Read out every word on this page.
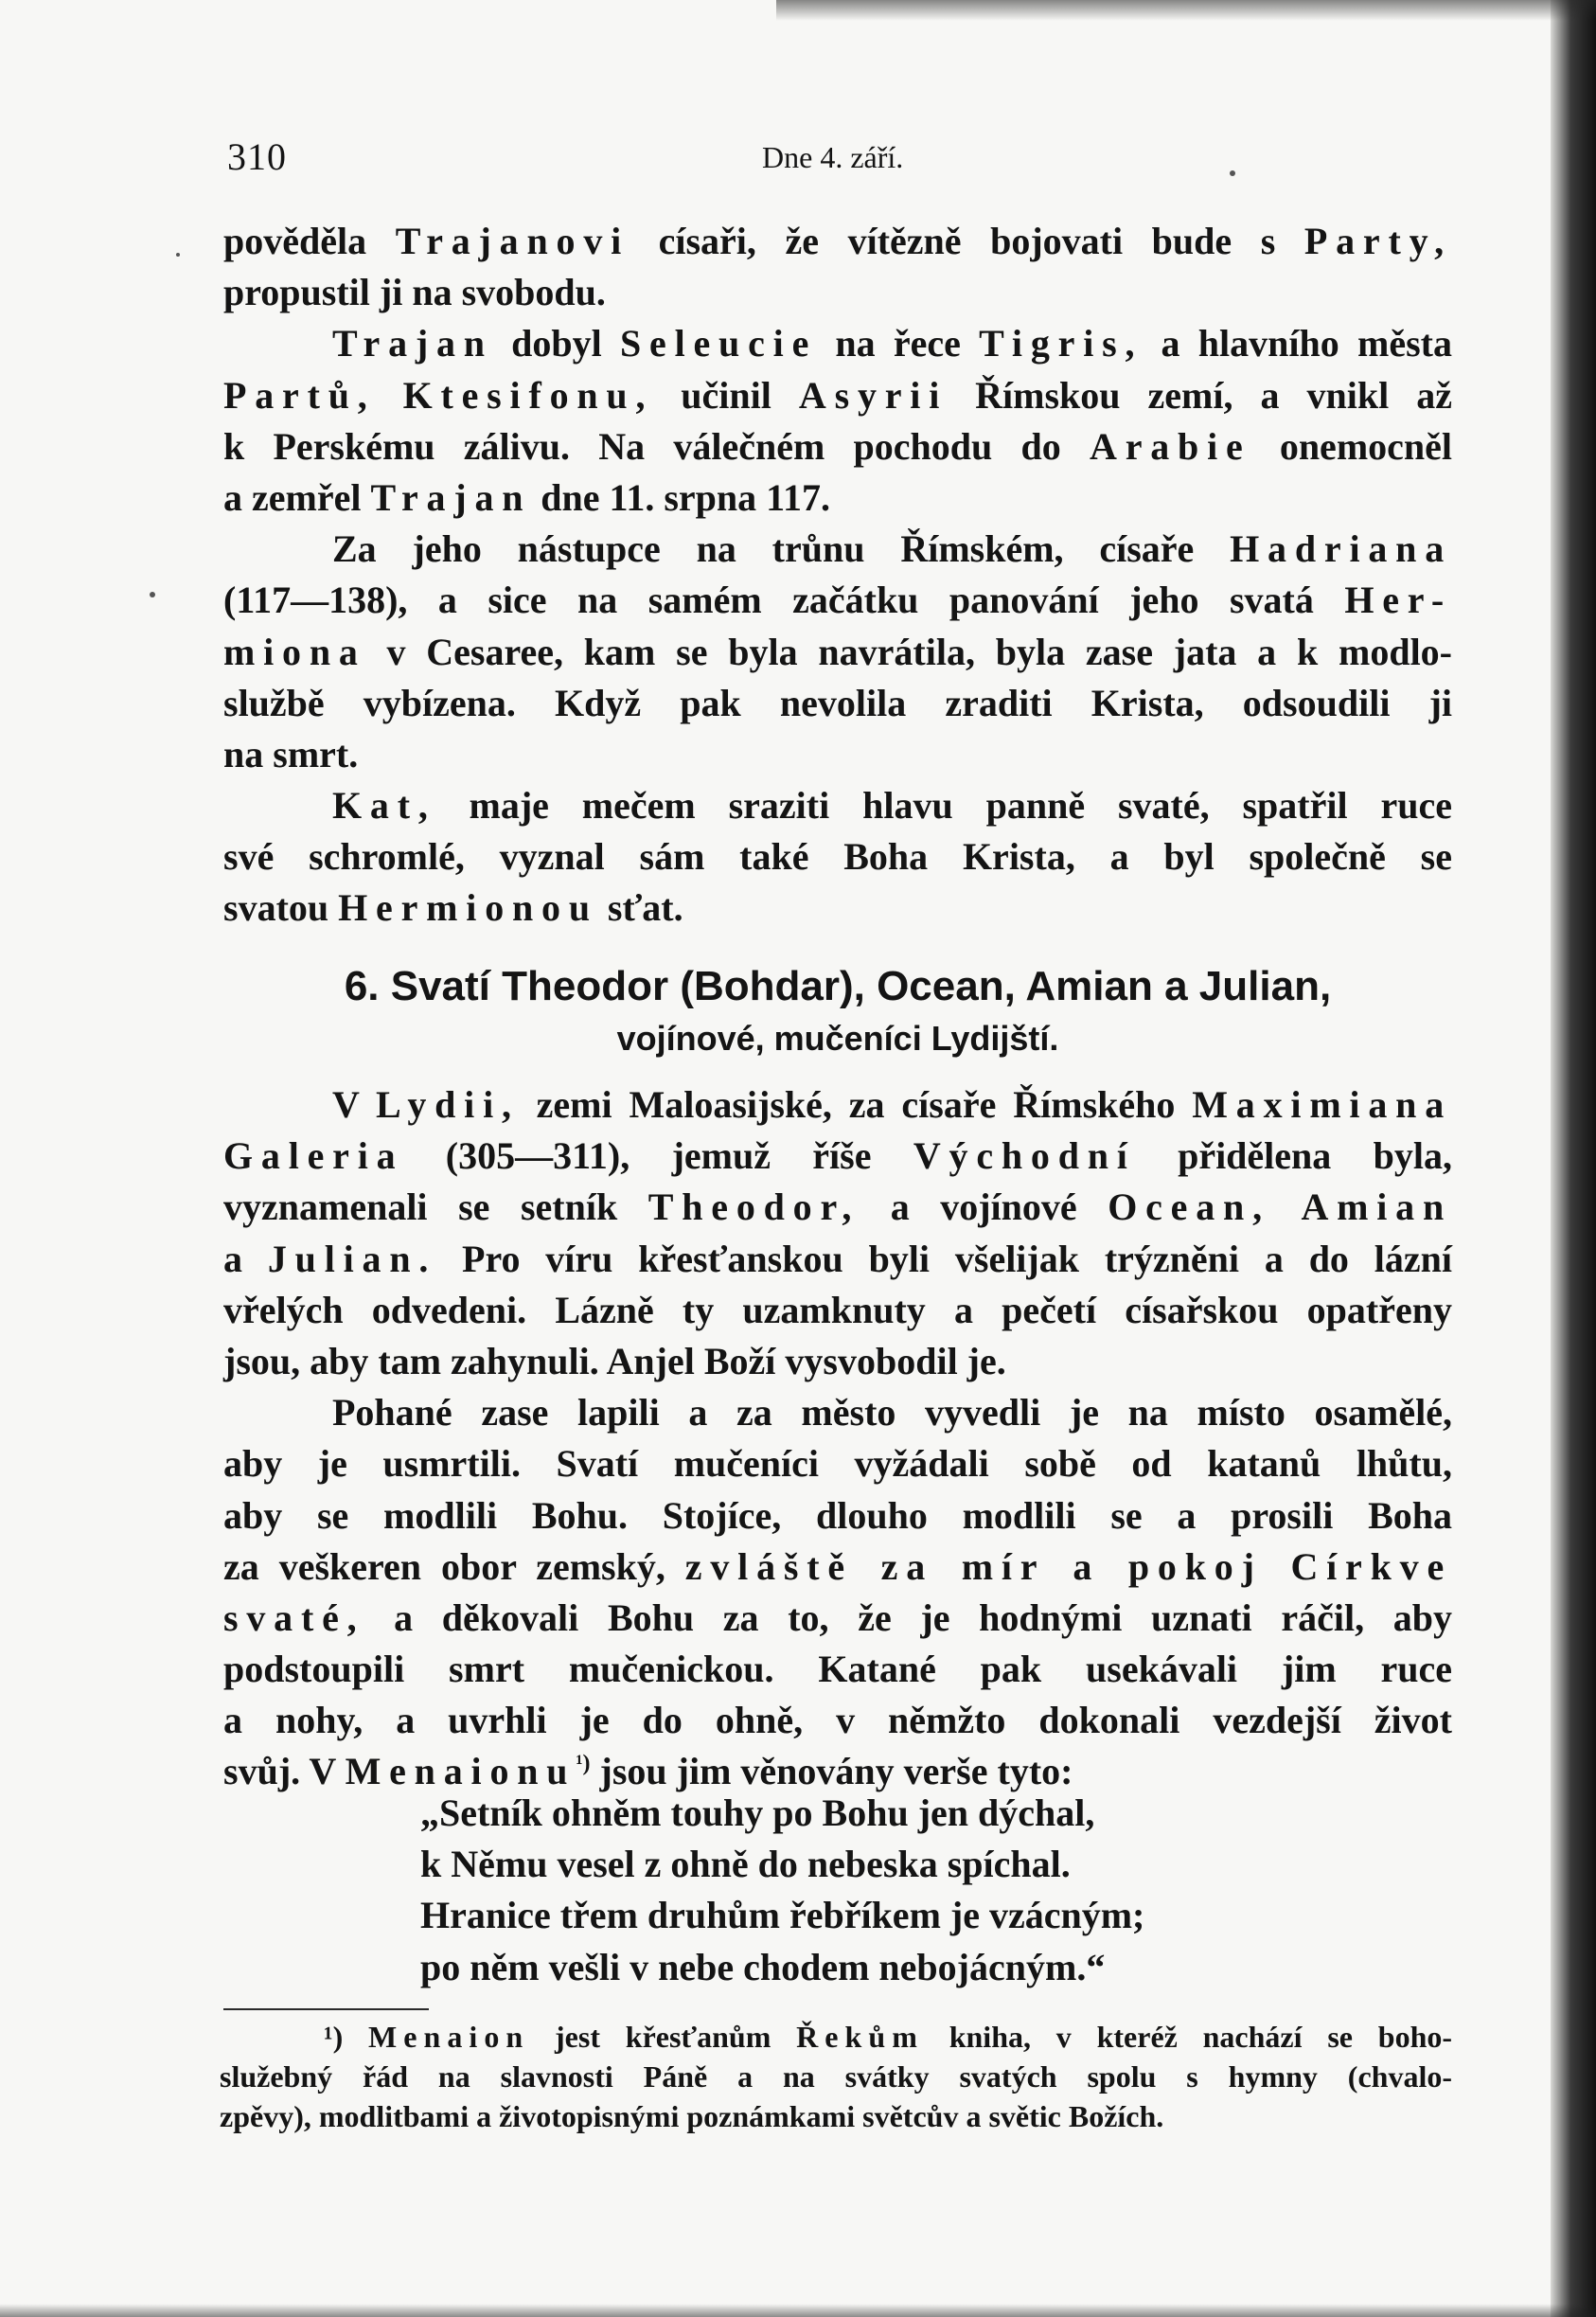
310	Dne 4. září.
pověděla Trajanovi císaři, že vítězně bojovati bude s Party,
propustil ji na svobodu.
Trajan dobyl Seleucie na řece Tigris, a hlavního města
Partů, Ktesifonu, učinil Asyrii Římskou zemí, a vnikl až
k Perskému zálivu. Na válečném pochodu do Arabie onemocněl
a zemřel Trajan dne 11. srpna 117.
Za jeho nástupce na trůnu Římském, císaře Hadriana
(117—138), a sice na samém začátku panování jeho svatá Her-
miona v Cesaree, kam se byla navrátila, byla zase jata a k modlo-
službě vybízena. Když pak nevolila zraditi Krista, odsoudili ji
na smrt.
Kat, maje mečem sraziti hlavu panně svaté, spatřil ruce
své schromlé, vyznal sám také Boha Krista, a byl společně se
svatou Hermionou sťat.
6. Svatí Theodor (Bohdar), Ocean, Amian a Julian,
vojínové, mučeníci Lydijští.
V Lydii, zemi Maloasijské, za císaře Římského Maximiana
Galeria (305—311), jemuž říše Východní přidělena byla,
vyznamenali se setník Theodor, a vojínové Ocean, Amian
a Julian. Pro víru křesťanskou byli všelijak trýzněni a do lázní
vřelých odvedeni. Lázně ty uzamknuty a pečetí císařskou opatřeny
jsou, aby tam zahynuli. Anjel Boží vysvobodil je.
Pohané zase lapili a za město vyvedli je na místo osamělé,
aby je usmrtili. Svatí mučeníci vyžádali sobě od katanů lhůtu,
aby se modlili Bohu. Stojíce, dlouho modlili se a prosili Boha
za veškeren obor zemský, zvláště za mír a pokoj Církve
svaté, a děkovali Bohu za to, že je hodnými uznati ráčil, aby
podstoupili smrt mučenickou. Katané pak usekávali jim ruce
a nohy, a uvrhli je do ohně, v němžto dokonali vezdejší život
svůj. V Menaionu$^{^1)}$ jsou jim věnovány verše tyto:
„Setník ohněm touhy po Bohu jen dýchal,
k Němu vesel z ohně do nebeska spíchal.
Hranice třem druhům řebříkem je vzácným;
po něm vešli v nebe chodem nebojácným.“
¹) Menaion jest křesťanům Řekům kniha, v kteréž nachází se boho-
služebný řád na slavnosti Páně a na svátky svatých spolu s hymny (chvalo-
zpěvy), modlitbami a životopisnými poznámkami světcův a světic Božích.
